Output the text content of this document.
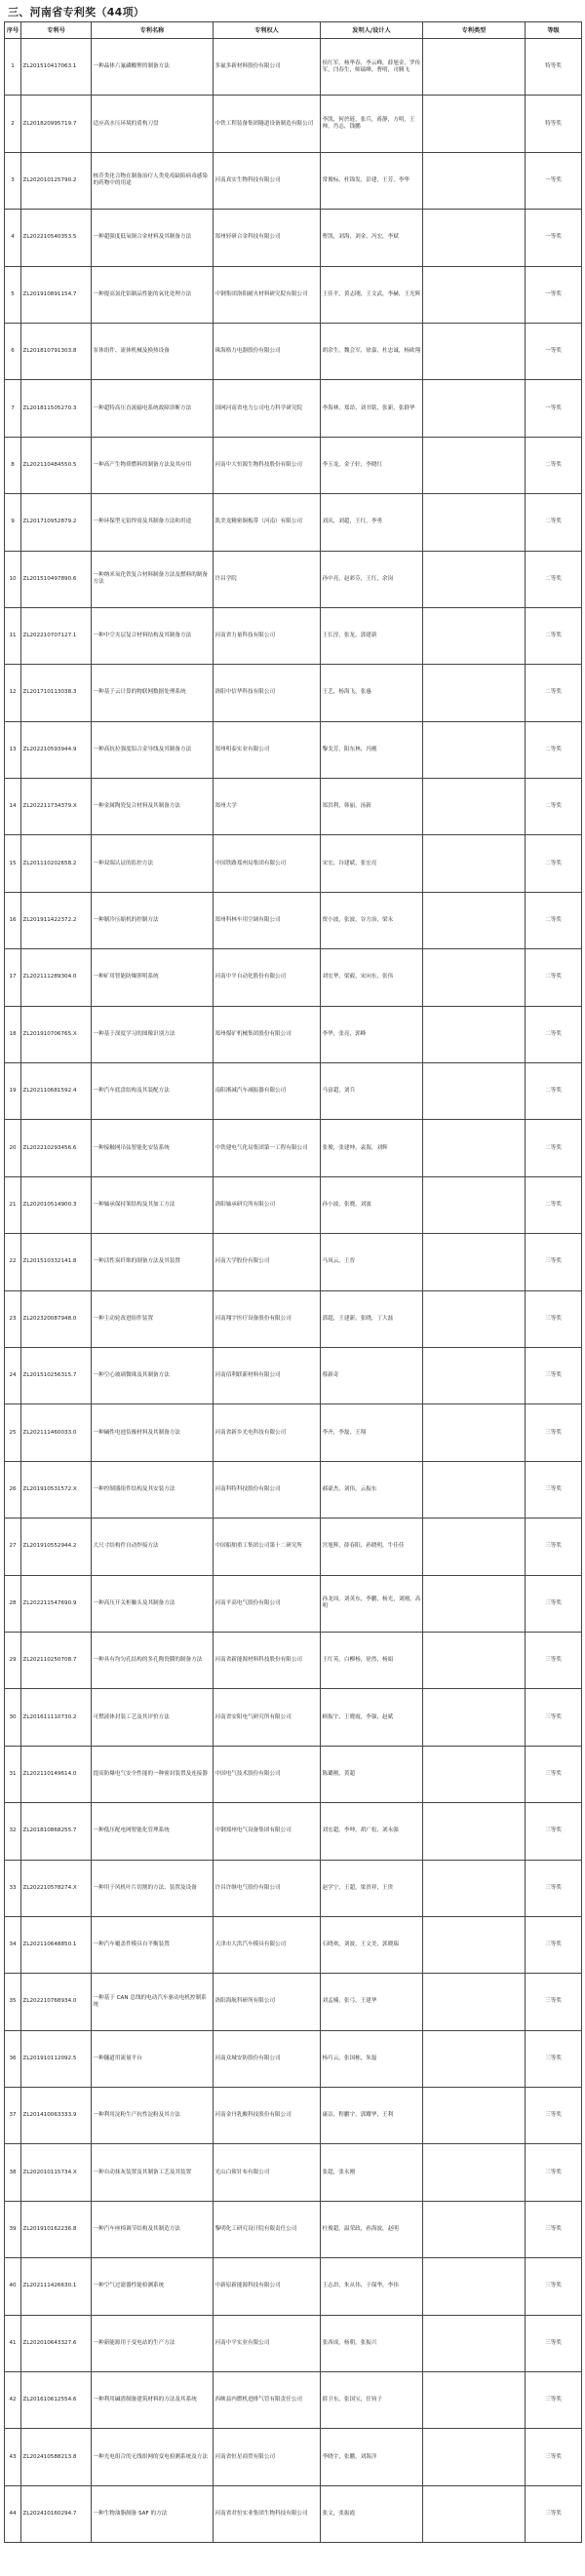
三、河南省专利奖（44项）
序号	专利号	专利名称	专利权人	发明人/设计人	专利类型	等级
1	ZL201510417063.1	一种晶体六氟磷酸锂的制备方法	多氟多新材料股份有限公司	侯红军，杨华春，李云峰，薛旭金，罗传军，闫春生，师瑞峰，曹明，司腾飞		特等奖
2	ZL201820995719.7	适应高水压环境的盾构刀盘	中铁工程装备集团隧道设备制造有限公司	李凯，何於琏，张兵，蒋静，方明，王帅，肖志，钱鹏		特等奖
3	ZL202010125790.2	核苷类化合物在制备治疗人类免疫缺陷病毒感染的药物中的用途	河南真实生物科技有限公司	常俊标，杜锦发，彭建，王芳，李华		一等奖
4	ZL202210540353.5	一种超强度低氧铜合金材料及其制备方法	郑州轻研合金科技有限公司	曹凯，刘海，刘金，冯宏，李斌		一等奖
5	ZL201910891154.7	一种提高氮化铝制品性能的氧化处理方法	中钢集团洛阳耐火材料研究院有限公司	王佳平，黄志刚，王文武，李赫，王光辉		一等奖
6	ZL201810791303.8	泵体组件、流体机械及换热设备	珠海格力电器股份有限公司	胡余生，魏会军，徐嘉，杜忠诚，杨欧翔		一等奖
7	ZL201811505270.3	一种超特高压直流输电系统故障诊断方法	国网河南省电力公司电力科学研究院	李海林，郑昂，刘书铭，张新，张群华		一等奖
8	ZL202110484550.5	一种高产生物质燃料的制备方法及其应用	河南中大恒源生物科技股份有限公司	李玉龙，金子轩，李晓红		二等奖
9	ZL201710952879.2	一种环保型无铅焊膏及其制备方法和用途	凯美龙精密铜板带（河南）有限公司	刘庆，刘超，王红，李勇		二等奖
10	ZL201510497890.6	一种纳米氧化铁复合材料制备方法及燃料的制备方法	许昌学院	孙中亮，赵彩芬，王红，余岗		二等奖
11	ZL202210707127.1	一种中空夹层复合材料结构及其制备方法	河南省力量科技有限公司	王长淳，张龙，郭建新		二等奖
12	ZL201710113038.3	一种基于云计算的物联网数据处理系统	洛阳中信华科技有限公司	王艺，杨海飞，张惠		二等奖
13	ZL202210593944.9	一种高抗拉强度铝合金导线及其制备方法	郑州明泰实业有限公司	黎戈芳，阳东林，冯刚		二等奖
14	ZL202211734379.X	一种金属陶瓷复合材料及其制备方法	郑州大学	郑洪利，韩丽，汤新		二等奖
15	ZL201110202658.2	一种双端认证的监控方法	中国铁路郑州局集团有限公司	宋宏，谷建斌，张宏亮		二等奖
16	ZL201911422372.2	一种制冷压缩机的控制方法	郑州科林车用空调有限公司	贾小波，张波，谷方治，梁永		二等奖
17	ZL202111289304.0	一种矿用智能防爆照明系统	河南中平自动化股份有限公司	刘宏华，梁毅，宋向东，张伟		二等奖
18	ZL201910706765.X	一种基于深度学习的图像识别方法	郑州煤矿机械集团股份有限公司	李华，张亮，郭峰		二等奖
19	ZL202110681592.4	一种汽车底盘结构及其装配方法	南阳淅减汽车减振器有限公司	马富超，刘兵		二等奖
20	ZL202210293456.6	一种接触网吊弦智能化安装系统	中铁建电气化局集团第一工程有限公司	张俊，张建坤，袁海，刘辉		二等奖
21	ZL202010514900.3	一种轴承保持架结构及其加工方法	洛阳轴承研究所有限公司	孙小波，张晓，刘波		二等奖
22	ZL201510332141.8	一种活性炭纤维的制备方法及其装置	河南大学股份有限公司	马凤云，王晋		三等奖
23	ZL202320087948.0	一种主动轮改进组件装置	河南翔宇医疗设备股份有限公司	郭超，王建新，张晓，丁大磊		三等奖
24	ZL201510256315.7	一种空心玻璃微珠及其制备方法	河南佰利联新材料有限公司	蔡新奇		三等奖
25	ZL202111460033.0	一种碱性电池负极材料及其制备方法	河南省新乡光电科技有限公司	李齐，李磊，王翔		三等奖
26	ZL201910531572.X	一种控制器组件结构及其安装方法	河南科特科技股份有限公司	郝豪杰，刘伟，云振东		三等奖
27	ZL201910552944.2	大尺寸结构件自动焊接方法	中国船舶重工集团公司第十二研究所	宫旭辉，薛春阳，孙晓明，牛佳佳		三等奖
28	ZL202211547690.9	一种高压开关柜触头及其制备方法	河南平高电气股份有限公司	孙龙周，刘英东，李鹏，杨光，刘刚，高明		三等奖
29	ZL202110250708.7	一种具有均匀孔结构的多孔陶瓷膜的制备方法	河南省新能源材料科技股份有限公司	王红英，白柳杨，徐然，杨娟		三等奖
30	ZL201611110730.2	可燃液体封装工艺及其评价方法	河南省安阳电气研究所有限公司	顾振宇，王晓霞，李强，赵斌		三等奖
31	ZL202110149614.0	提高防爆电气安全性能的一种密封装置及连接器	中国电气技术股份有限公司	陈璐刚，黄超		三等奖
32	ZL201810868255.7	一种低压配电网智能化管理系统	中钢郑州电气设备集团有限公司	刘宏超，李坤，胡广松，刘永强		三等奖
33	ZL202210578274.X	一种用于风机叶片切割的方法、装置及设备	许昌许继电气股份有限公司	赵学宁，王超，梁贵祥，王贵		三等奖
34	ZL202110648850.1	一种汽车覆盖件模具自平衡装置	天津市大洪汽车模具有限公司	石晓欢，刘波，王文美，郭晓瑞		三等奖
35	ZL202210768934.0	一种基于 CAN 总线的电动汽车驱动电机控制系统	洛阳海航科研所有限公司	刘孟楠，张弓，王建华		三等奖
36	ZL201910112092.5	一种隧道用流量平台	河南众城安防股份有限公司	杨巧云，张国栋，朱磊		三等奖
37	ZL201410063333.9	一种利用淀粉生产抗性淀粉及其方法	河南金丹乳酸科技股份有限公司	康洁，程鹏宇，郭耀华，王利		三等奖
38	ZL202010115734.X	一种自动抹灰装置及其制备工艺及其装置	光山白鲨针布有限公司	张超，张永刚		三等奖
39	ZL201910162236.8	一种汽车座椅调节结构及其制造方法	黎明化工研究设计院有限责任公司	杜俊超，温荣政，孙海波，赵明		三等奖
40	ZL202111426630.1	一种空气过滤器性能检测系统	中新原新能源科技有限公司	王志昂，朱从伟，于保华，李伟		三等奖
41	ZL202010643327.6	一种新能源用于变电站的生产方法	河南中平实业有限公司	张西成，杨朝，张振兴		三等奖
42	ZL201610612554.6	一种利用碱渣制备建筑材料的方法及其系统	西峡县内燃机进排气管有限责任公司	薛卫东，张国宝，任钧子		三等奖
43	ZL202410588213.8	一种光电组合的无线组网的变电检测系统及方法	河南省恒星商贸有限公司	李晓宇，张鹏，刘海洋		三等奖
44	ZL202410160294.7	一种生物油脂制备 SAF 的方法	河南省君恒实业集团生物科技有限公司	张文，张振霞		三等奖
